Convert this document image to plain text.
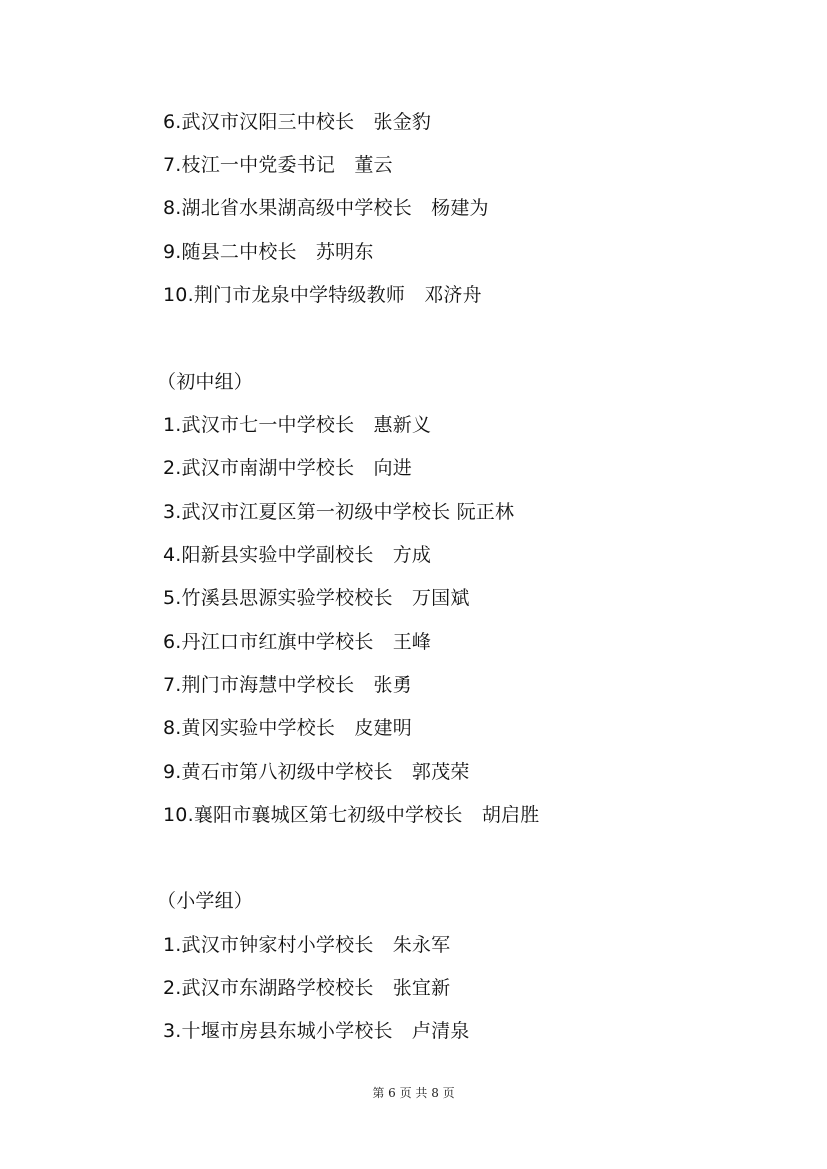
6.武汉市汉阳三中校长　张金豹
7.枝江一中党委书记　董云
8.湖北省水果湖高级中学校长　杨建为
9.随县二中校长　苏明东
10.荆门市龙泉中学特级教师　邓济舟
（初中组）
1.武汉市七一中学校长　惠新义
2.武汉市南湖中学校长　向进
3.武汉市江夏区第一初级中学校长 阮正林
4.阳新县实验中学副校长　方成
5.竹溪县思源实验学校校长　万国斌
6.丹江口市红旗中学校长　王峰
7.荆门市海慧中学校长　张勇
8.黄冈实验中学校长　皮建明
9.黄石市第八初级中学校长　郭茂荣
10.襄阳市襄城区第七初级中学校长　胡启胜
（小学组）
1.武汉市钟家村小学校长　朱永军
2.武汉市东湖路学校校长　张宜新
3.十堰市房县东城小学校长　卢清泉
第 6 页 共 8 页
